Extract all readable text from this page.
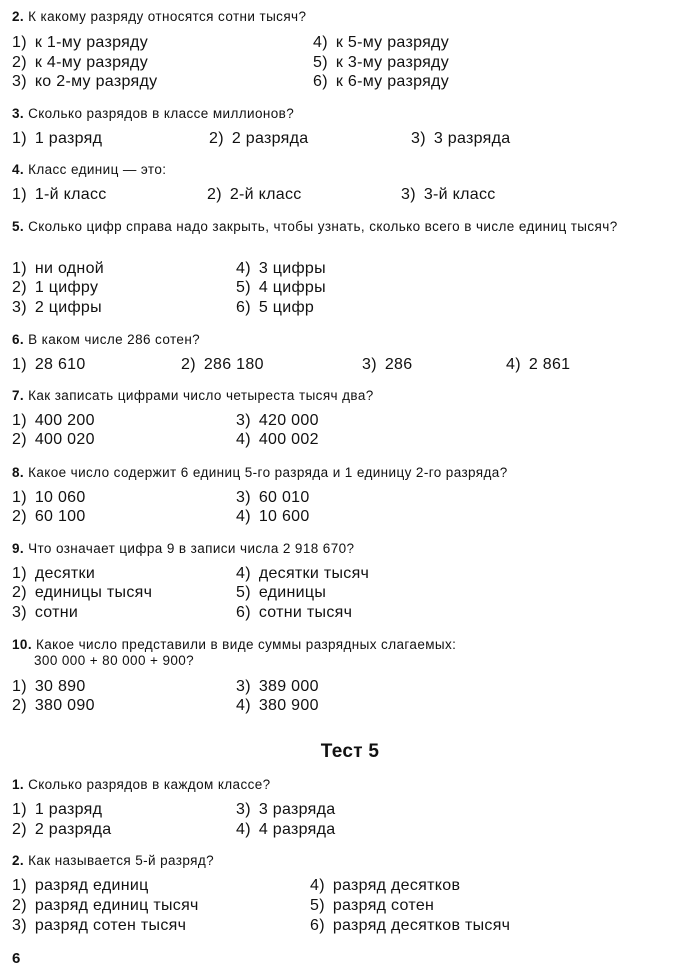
2. К какому разряду относятся сотни тысяч?
1) к 1-му разряду	4) к 5-му разряду
2) к 4-му разряду	5) к 3-му разряду
3) ко 2-му разряду	6) к 6-му разряду
3. Сколько разрядов в классе миллионов?
1) 1 разряд	2) 2 разряда	3) 3 разряда
4. Класс единиц — это:
1) 1-й класс	2) 2-й класс	3) 3-й класс
5. Сколько цифр справа надо закрыть, чтобы узнать, сколько всего в числе единиц тысяч?
1) ни одной	4) 3 цифры
2) 1 цифру	5) 4 цифры
3) 2 цифры	6) 5 цифр
6. В каком числе 286 сотен?
1) 28 610	2) 286 180	3) 286	4) 2 861
7. Как записать цифрами число четыреста тысяч два?
1) 400 200	3) 420 000
2) 400 020	4) 400 002
8. Какое число содержит 6 единиц 5-го разряда и 1 единицу 2-го разряда?
1) 10 060	3) 60 010
2) 60 100	4) 10 600
9. Что означает цифра 9 в записи числа 2 918 670?
1) десятки	4) десятки тысяч
2) единицы тысяч	5) единицы
3) сотни	6) сотни тысяч
10. Какое число представили в виде суммы разрядных слагаемых:
300 000 + 80 000 + 900?
1) 30 890	3) 389 000
2) 380 090	4) 380 900
Тест 5
1. Сколько разрядов в каждом классе?
1) 1 разряд	3) 3 разряда
2) 2 разряда	4) 4 разряда
2. Как называется 5-й разряд?
1) разряд единиц	4) разряд десятков
2) разряд единиц тысяч	5) разряд сотен
3) разряд сотен тысяч	6) разряд десятков тысяч
6
